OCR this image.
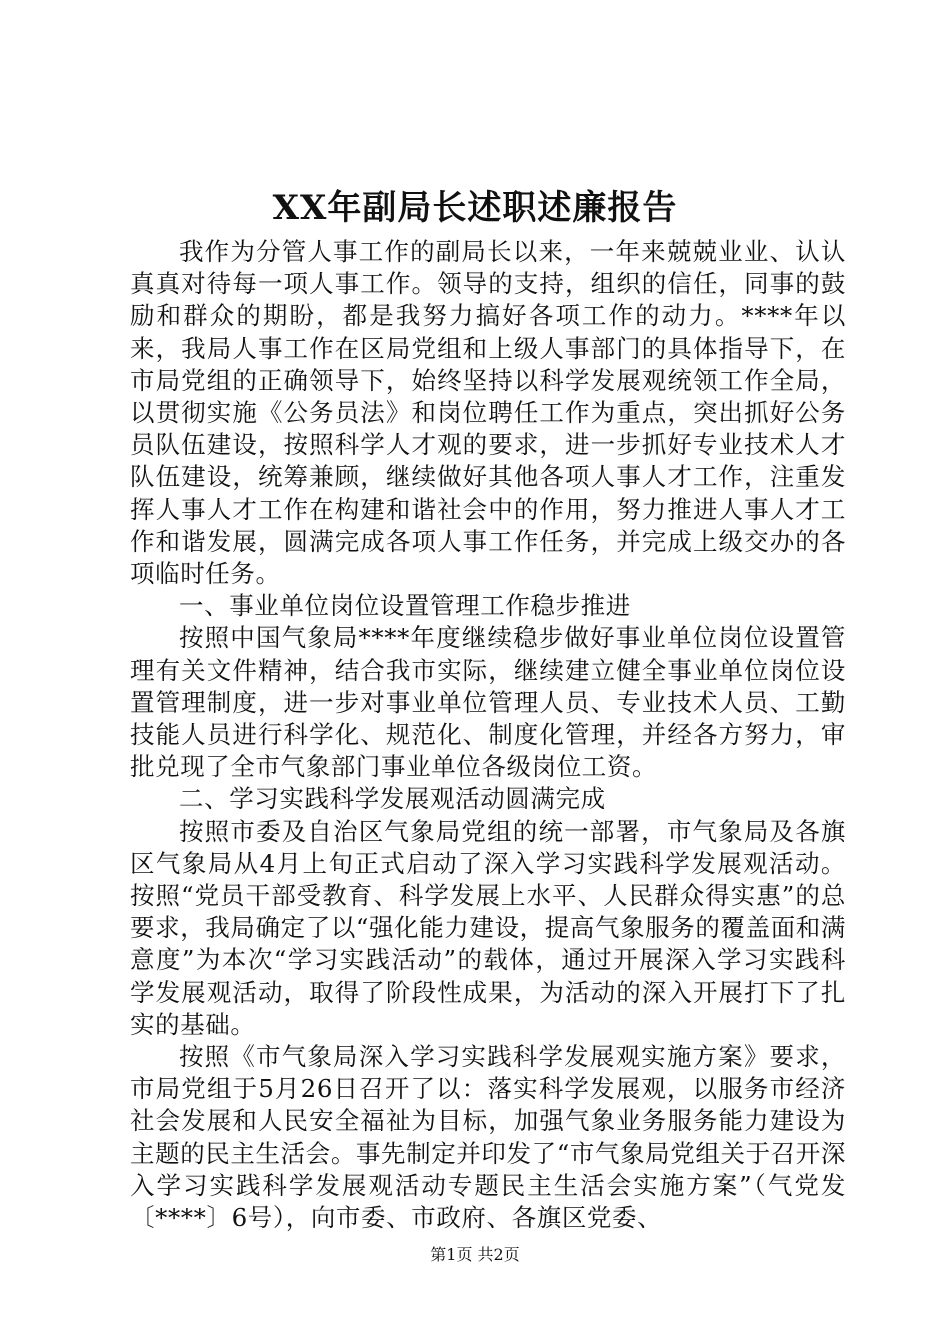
XX年副局长述职述廉报告

我作为分管人事工作的副局长以来，一年来兢兢业业、认认真真对待每一项人事工作。领导的支持，组织的信任，同事的鼓励和群众的期盼，都是我努力搞好各项工作的动力。****年以来，我局人事工作在区局党组和上级人事部门的具体指导下，在市局党组的正确领导下，始终坚持以科学发展观统领工作全局，以贯彻实施《公务员法》和岗位聘任工作为重点，突出抓好公务员队伍建设，按照科学人才观的要求，进一步抓好专业技术人才队伍建设，统筹兼顾，继续做好其他各项人事人才工作，注重发挥人事人才工作在构建和谐社会中的作用，努力推进人事人才工作和谐发展，圆满完成各项人事工作任务，并完成上级交办的各项临时任务。

一、事业单位岗位设置管理工作稳步推进

按照中国气象局****年度继续稳步做好事业单位岗位设置管理有关文件精神，结合我市实际，继续建立健全事业单位岗位设置管理制度，进一步对事业单位管理人员、专业技术人员、工勤技能人员进行科学化、规范化、制度化管理，并经各方努力，审批兑现了全市气象部门事业单位各级岗位工资。

二、学习实践科学发展观活动圆满完成

按照市委及自治区气象局党组的统一部署，市气象局及各旗区气象局从4月上旬正式启动了深入学习实践科学发展观活动。按照“党员干部受教育、科学发展上水平、人民群众得实惠”的总要求，我局确定了以“强化能力建设，提高气象服务的覆盖面和满意度”为本次“学习实践活动”的载体，通过开展深入学习实践科学发展观活动，取得了阶段性成果，为活动的深入开展打下了扎实的基础。

按照《市气象局深入学习实践科学发展观实施方案》要求，市局党组于5月26日召开了以：落实科学发展观，以服务市经济社会发展和人民安全福祉为目标，加强气象业务服务能力建设为主题的民主生活会。事先制定并印发了“市气象局党组关于召开深入学习实践科学发展观活动专题民主生活会实施方案”（气党发〔****〕6号），向市委、市政府、各旗区党委、

第1页 共2页
